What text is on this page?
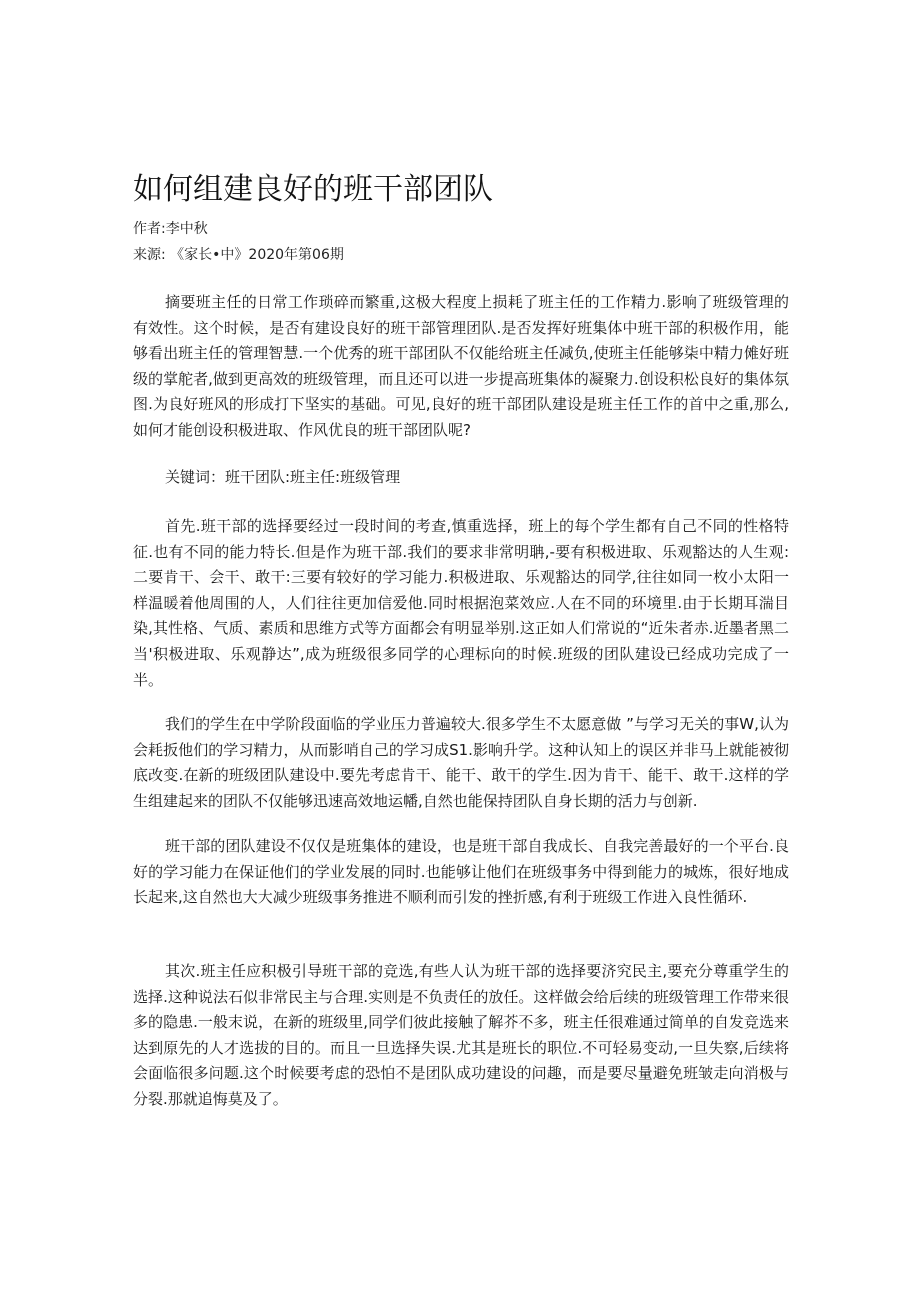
如何组建良好的班干部团队
作者:李中秋
来源: 《家长•中》2020年第06期

摘要班主任的日常工作琐碎而繁重,这极大程度上损耗了班主任的工作精力.影响了班级管理的有效性。这个时候，是否有建设良好的班干部管理团队.是否发挥好班集体中班干部的积极作用，能够看出班主任的管理智慧.一个优秀的班干部团队不仅能给班主任减负,使班主任能够柒中精力傩好班级的掌舵者,做到更高效的班级管理，而且还可以进一步提高班集体的凝聚力.创设积松良好的集体氛图.为良好班风的形成打下坚实的基础。可见,良好的班干部团队建设是班主任工作的首中之重,那么,如何才能创设积极进取、作风优良的班干部团队呢?

关键词：班干团队:班主任:班级管理

首先.班干部的选择要经过一段时间的考查,慎重选择，班上的每个学生都有自己不同的性格特征.也有不同的能力特长.但是作为班干部.我们的要求非常明聃,-要有积极进取、乐观豁达的人生观:二要肯干、会干、敢干:三要有较好的学习能力.积极进取、乐观豁达的同学,往往如同一枚小太阳一样温暖着他周围的人，人们往往更加信爱他.同时根据泡菜效应.人在不同的环境里.由于长期耳湍目染,其性格、气质、素质和思维方式等方面都会有明显举别.这正如人们常说的“近朱者赤.近墨者黑二当'积极进取、乐观静达”,成为班级很多同学的心理标向的时候.班级的团队建设已经成功完成了一半。

我们的学生在中学阶段面临的学业压力普遍较大.很多学生不太愿意做 ”与学习无关的事W,认为会耗扳他们的学习精力，从而影哨自己的学习成S1.影响升学。这种认知上的误区并非马上就能被彻底改变.在新的班级团队建设中.要先考虑肯干、能干、敢干的学生.因为肯干、能干、敢干.这样的学生组建起来的团队不仅能够迅速高效地运幡,自然也能保持团队自身长期的活力与创新.

班干部的团队建设不仅仅是班集体的建设，也是班干部自我成长、自我完善最好的一个平台.良好的学习能力在保证他们的学业发展的同时.也能够让他们在班级事务中得到能力的城炼，很好地成长起来,这自然也大大减少班级事务推进不顺利而引发的挫折感,有利于班级工作进入良性循环.

其次.班主任应积极引导班干部的竞选,有些人认为班干部的选择要济究民主,要充分尊重学生的选择.这种说法石似非常民主与合理.实则是不负责任的放任。这样做会给后续的班级管理工作带来很多的隐患.一般末说，在新的班级里,同学们彼此接触了解芥不多，班主任很难通过简单的自发竞选来达到原先的人才选拔的目的。而且一旦选择失误.尤其是班长的职位.不可轻易变动,一旦失察,后续将会面临很多问题.这个时候要考虑的恐怕不是团队成功建设的问趣，而是要尽量避免班皱走向消极与分裂.那就追悔莫及了。
